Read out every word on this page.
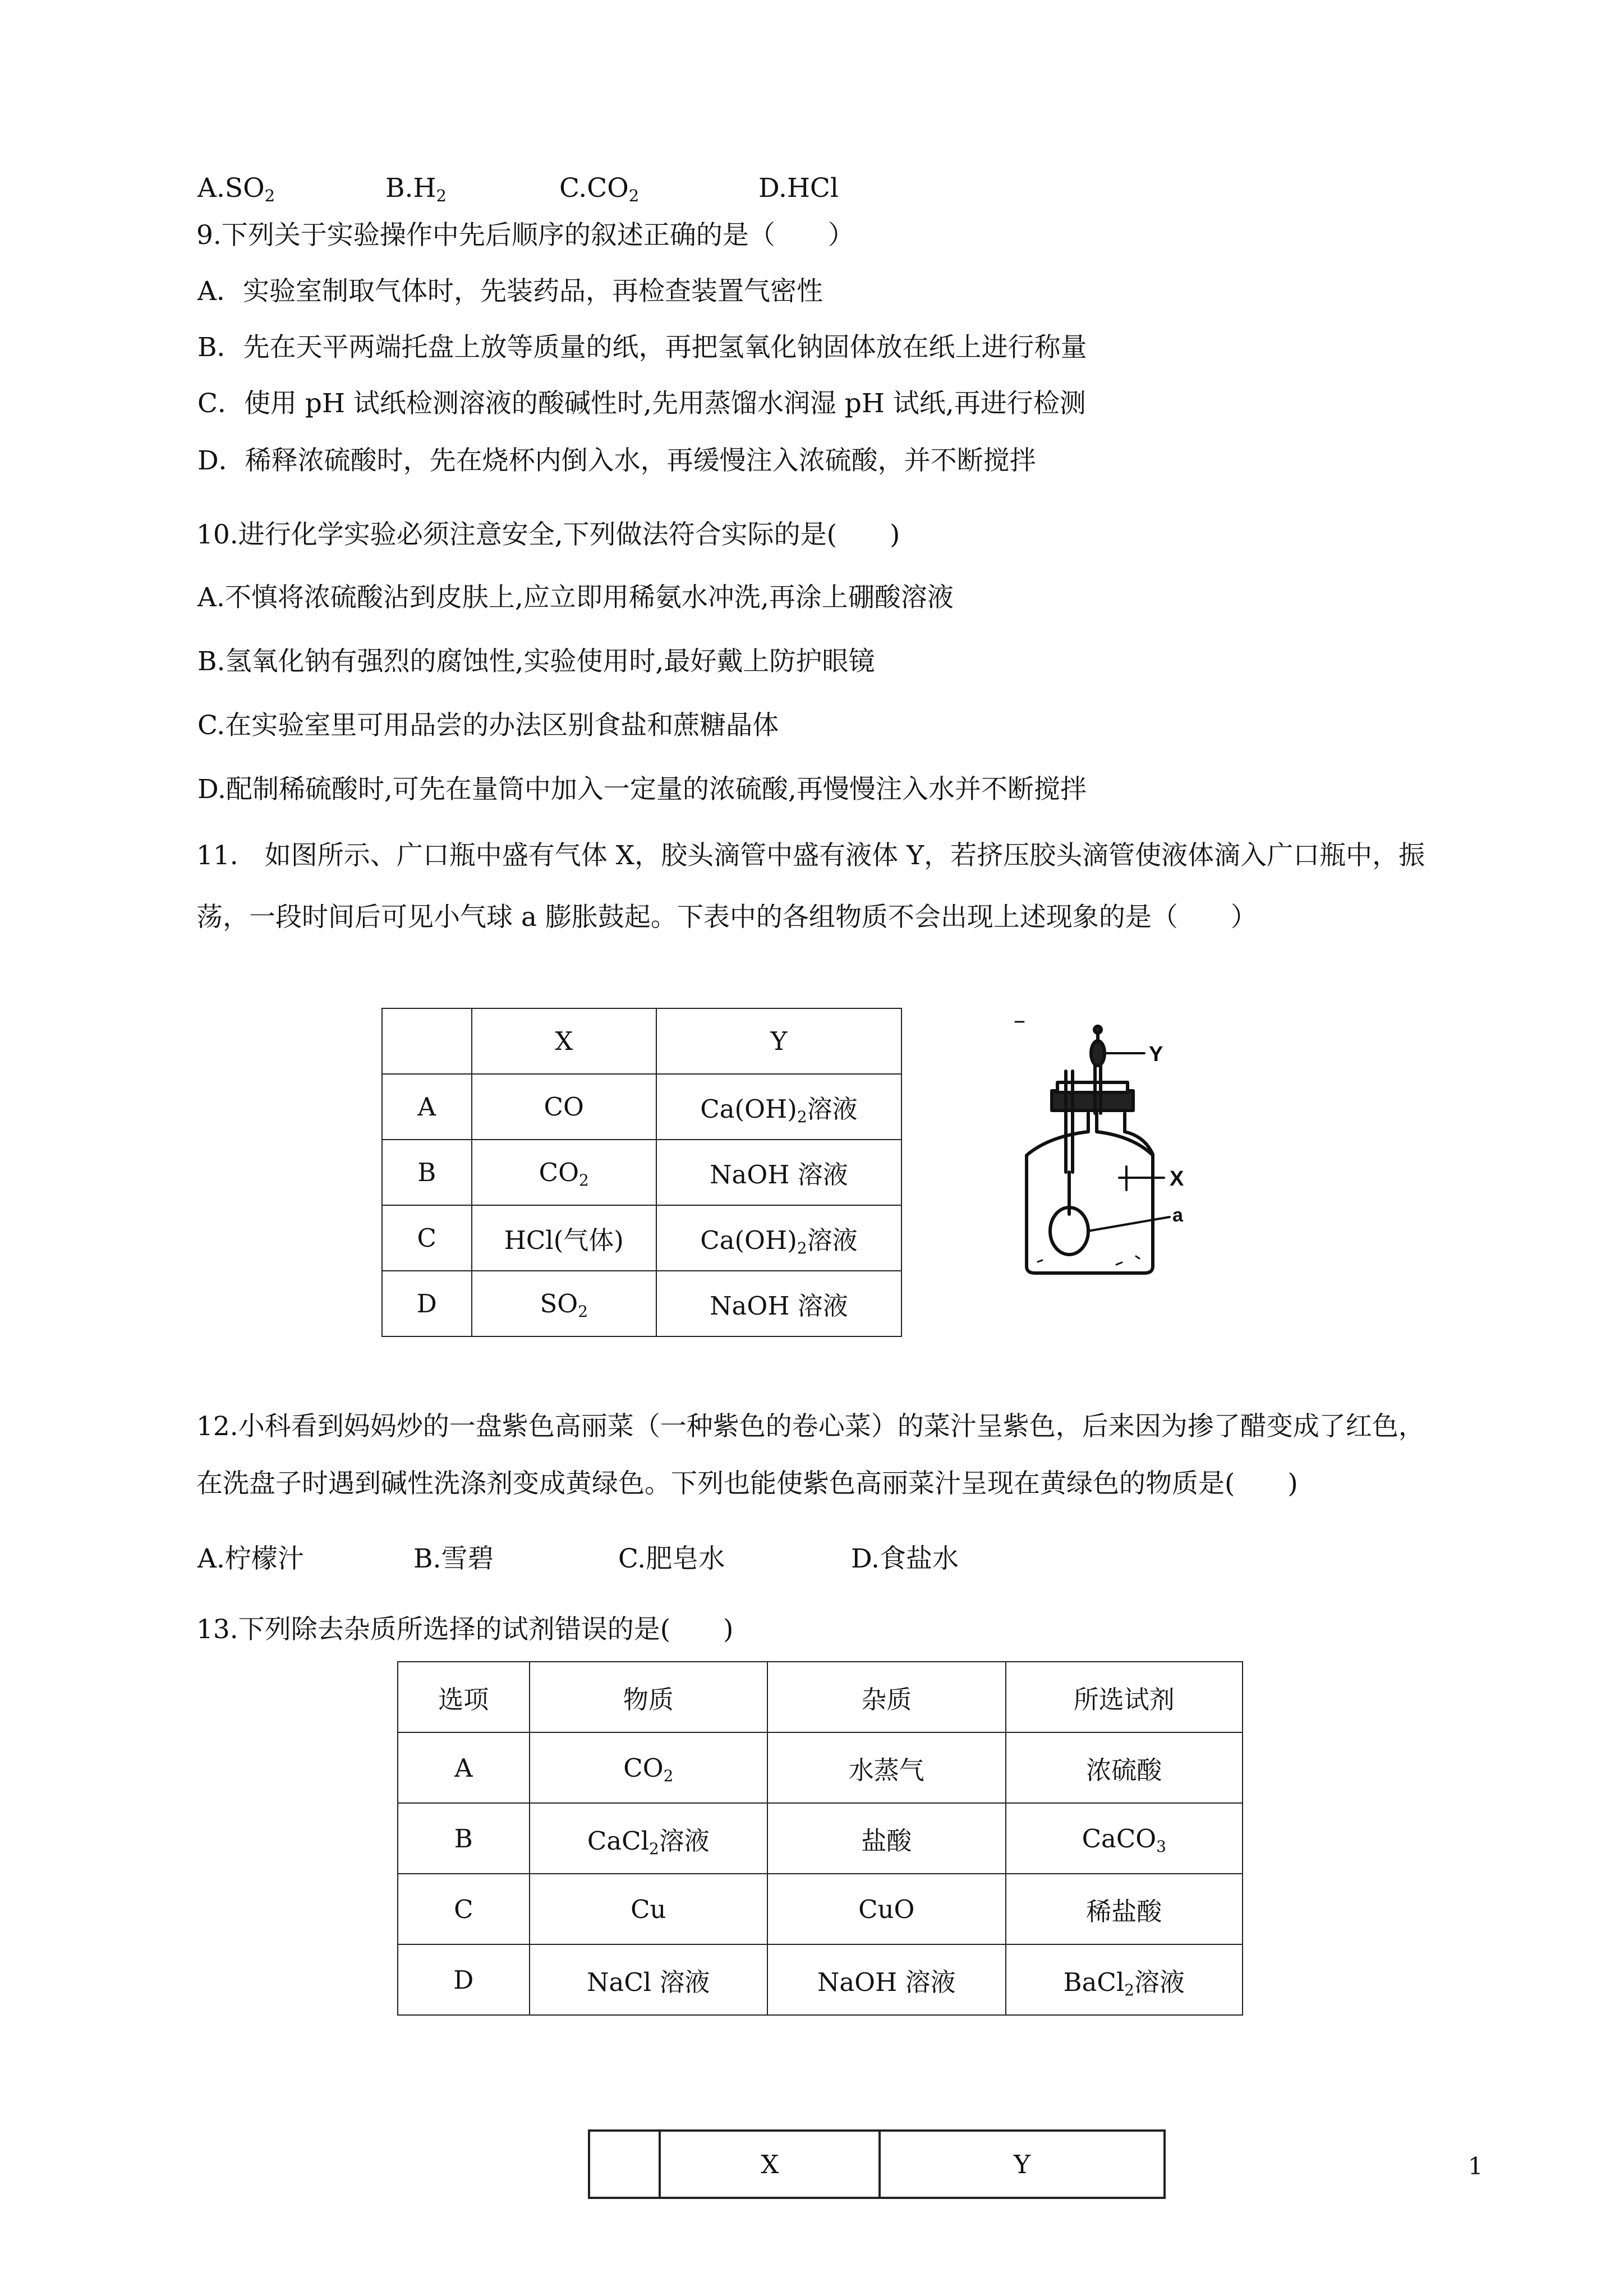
$A.SO_2$	$B.H_2$	$C.CO_2$	D.HCl
9.下列关于实验操作中先后顺序的叙述正确的是（　　）
A．实验室制取气体时，先装药品，再检查装置气密性
B．先在天平两端托盘上放等质量的纸，再把氢氧化钠固体放在纸上进行称量
C．使用 pH 试纸检测溶液的酸碱性时,先用蒸馏水润湿 pH 试纸,再进行检测
D．稀释浓硫酸时，先在烧杯内倒入水，再缓慢注入浓硫酸，并不断搅拌
10.进行化学实验必须注意安全,下列做法符合实际的是(　　)
A.不慎将浓硫酸沾到皮肤上,应立即用稀氨水冲洗,再涂上硼酸溶液
B.氢氧化钠有强烈的腐蚀性,实验使用时,最好戴上防护眼镜
C.在实验室里可用品尝的办法区别食盐和蔗糖晶体
D.配制稀硫酸时,可先在量筒中加入一定量的浓硫酸,再慢慢注入水并不断搅拌
11.　如图所示、广口瓶中盛有气体 X，胶头滴管中盛有液体 Y，若挤压胶头滴管使液体滴入广口瓶中，振
荡，一段时间后可见小气球 a 膨胀鼓起。下表中的各组物质不会出现上述现象的是（　　）
	X	Y
A	CO	$Ca(OH)_2$溶液
B	$CO_2$	NaOH 溶液
C	HCl(气体)	$Ca(OH)_2$溶液
D	$SO_2$	NaOH 溶液
Y
X
a
12.小科看到妈妈炒的一盘紫色高丽菜（一种紫色的卷心菜）的菜汁呈紫色，后来因为掺了醋变成了红色，
在洗盘子时遇到碱性洗涤剂变成黄绿色。下列也能使紫色高丽菜汁呈现在黄绿色的物质是(　　)
A.柠檬汁	B.雪碧	C.肥皂水	D.食盐水
13.下列除去杂质所选择的试剂错误的是(　　)
选项	物质	杂质	所选试剂
A	$CO_2$	水蒸气	浓硫酸
B	CaCl$_2$溶液	盐酸	CaCO$_3$
C	Cu	CuO	稀盐酸
D	NaCl 溶液	NaOH 溶液	BaCl$_2$溶液
	X	Y	1
